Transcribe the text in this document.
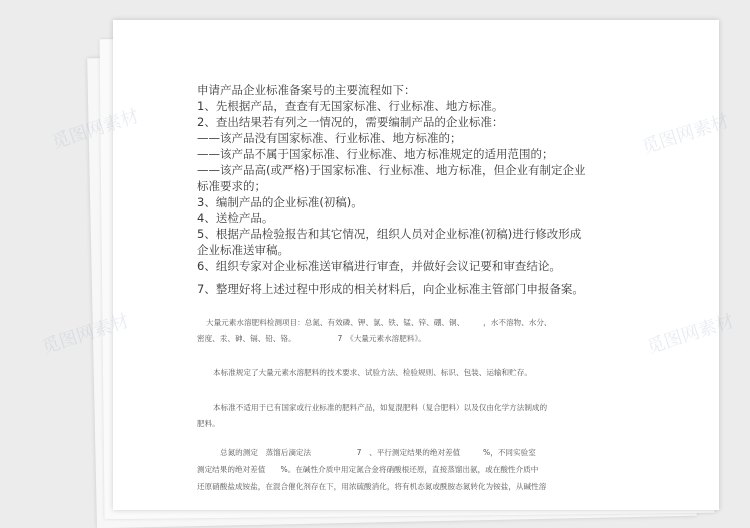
申请产品企业标准备案号的主要流程如下：
1、先根据产品，查查有无国家标准、行业标准、地方标准。
2、查出结果若有列之一情况的，需要编制产品的企业标准：
——该产品没有国家标准、行业标准、地方标准的；
——该产品不属于国家标准、行业标准、地方标准规定的适用范围的；
——该产品高(或严格)于国家标准、行业标准、地方标准，但企业有制定企业
标准要求的；
3、编制产品的企业标准(初稿)。
4、送检产品。
5、根据产品检验报告和其它情况，组织人员对企业标准(初稿)进行修改形成
企业标准送审稿。
6、组织专家对企业标准送审稿进行审查，并做好会议记要和审查结论。
7、整理好将上述过程中形成的相关材料后，向企业标准主管部门申报备案。
大量元素水溶肥料检测项目：总氮、有效磷、钾、氯、铁、锰、锌、硼、铜、　　　，水不溶物、水分、
密度、汞、砷、镉、铅、铬。　　　　　　7　《大量元素水溶肥料》。
本标准规定了大量元素水溶肥料的技术要求、试验方法、检验规则、标识、包装、运输和贮存。
本标准不适用于已有国家或行业标准的肥料产品，如复混肥料（复合肥料）以及仅由化学方法制成的
肥料。
总氮的测定　蒸馏后滴定法　　　　　　7　、平行测定结果的绝对差值　　　%，不同实验室
测定结果的绝对差值　　%。在碱性介质中用定氮合金将硝酸根还原，直接蒸馏出氨，或在酸性介质中
还原硝酸盐成铵盐，在混合催化剂存在下，用浓硫酸消化，将有机态氮或酰胺态氮转化为铵盐，从碱性溶
觅图网素材	觅图网素材
觅图网素材	觅图网素材
